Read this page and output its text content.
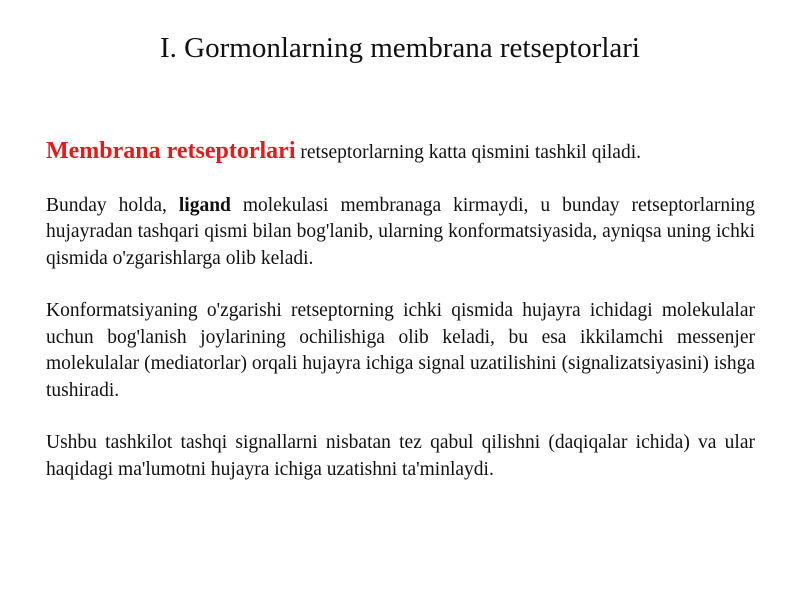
I. Gormonlarning membrana retseptorlari

Membrana retseptorlari retseptorlarning katta qismini tashkil qiladi.

Bunday holda, ligand molekulasi membranaga kirmaydi, u bunday retseptorlarning hujayradan tashqari qismi bilan bog'lanib, ularning konformatsiyasida, ayniqsa uning ichki qismida o'zgarishlarga olib keladi.

Konformatsiyaning o'zgarishi retseptorning ichki qismida hujayra ichidagi molekulalar uchun bog'lanish joylarining ochilishiga olib keladi, bu esa ikkilamchi messenjer molekulalar (mediatorlar) orqali hujayra ichiga signal uzatilishini (signalizatsiyasini) ishga tushiradi.

Ushbu tashkilot tashqi signallarni nisbatan tez qabul qilishni (daqiqalar ichida) va ular haqidagi ma'lumotni hujayra ichiga uzatishni ta'minlaydi.
